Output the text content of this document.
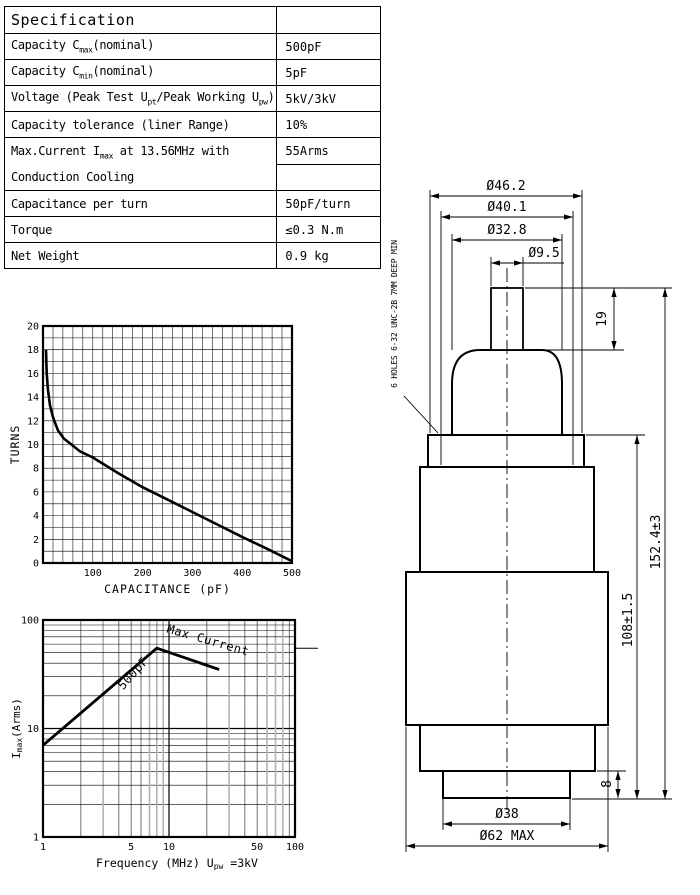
Specification	
Capacity $C_{max}(nominal)$	500pF
Capacity $C_{min}(nominal)$	5pF
Voltage (Peak Test $U_{pt}$/Peak Working $U_{pw}$)	5kV/3kV
Capacity tolerance (liner Range)	10%

Max.Current $I_{max}$ at 13.56MHz with
Conduction Cooling	55Arms

Capacitance per turn	50pF/turn
Torque	≤0.3 N.m
Net Weight	0.9 kg
100	200	300	400	500
0
2
4
6
8
10
12
14
16
18
20
CAPACITANCE (pF)
TURNS
1	5	10	50 100
1
10
100
500pF
Max Current
Frequency (MHz) Upw =3kV
Imax(Arms)
Ø46.2
Ø40.1
Ø32.8
Ø9.5
19
152.4±3
108±1.5
8
Ø38
Ø62 MAX
6 HOLES 6-32 UNC-2B 7MM DEEP MIN
